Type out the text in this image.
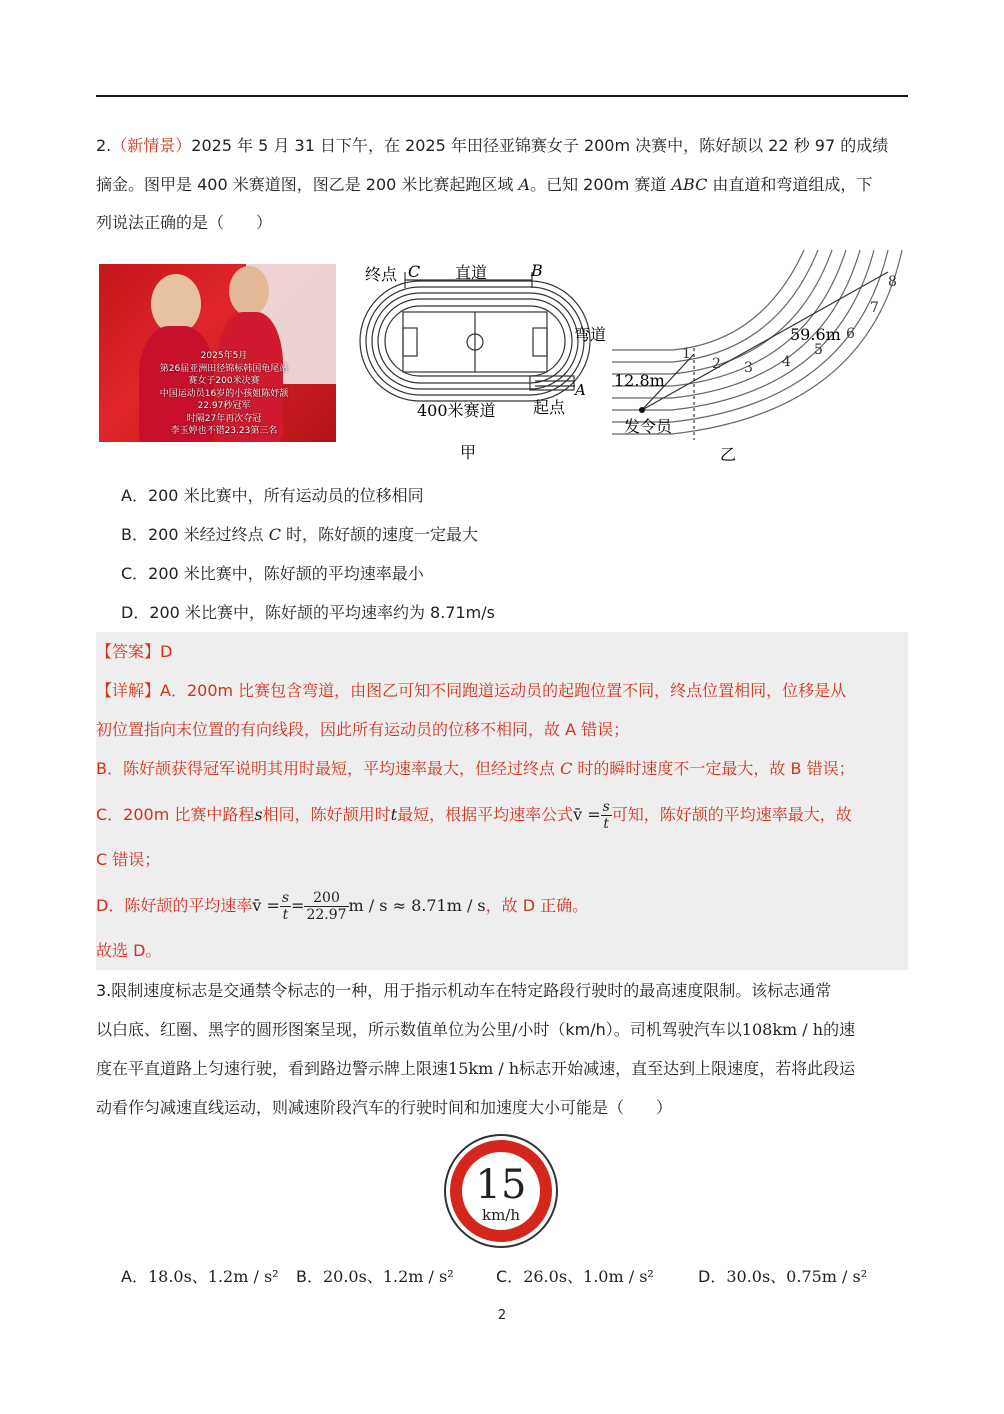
2.（新情景）2025 年 5 月 31 日下午，在 2025 年田径亚锦赛女子 200m 决赛中，陈好颉以 22 秒 97 的成绩
摘金。图甲是 400 米赛道图，图乙是 200 米比赛起跑区域 A。已知 200m 赛道 ABC 由直道和弯道组成，下
列说法正确的是（　　）
2025年5月
第26届亚洲田径锦标韩国龟尾站
赛女子200米决赛
中国运动员16岁的小孩姐陈妤颉
22.97秒冠军
时隔27年再次夺冠
李玉婷也不错23.23第三名
终点 C 直道	B
弯道
A
起点
400米赛道
甲
1
2 3 4
5
6
7
8
59.6m
12.8m
发令员
乙
A．200 米比赛中，所有运动员的位移相同
B．200 米经过终点 C 时，陈好颉的速度一定最大
C．200 米比赛中，陈好颉的平均速率最小
D．200 米比赛中，陈好颉的平均速率约为 8.71m/s
【答案】D
【详解】A．200m 比赛包含弯道，由图乙可知不同跑道运动员的起跑位置不同，终点位置相同，位移是从
初位置指向末位置的有向线段，因此所有运动员的位移不相同，故 A 错误；
B．陈好颉获得冠军说明其用时最短，平均速率最大，但经过终点 C 时的瞬时速度不一定最大，故 B 错误；
C．200m 比赛中路程s相同，陈好颉用时t最短，根据平均速率公式v̄ = $\frac{s}{t}$ 可知，陈好颉的平均速率最大，故
C 错误；
D．陈好颉的平均速率v̄ = $\frac{s}{t} = \frac{200}{22.97}$ m / s ≈ 8.71m / s，故 D 正确。
故选 D。
3.限制速度标志是交通禁令标志的一种，用于指示机动车在特定路段行驶时的最高速度限制。该标志通常
以白底、红圈、黑字的圆形图案呈现，所示数值单位为公里/小时（km/h）。司机驾驶汽车以108km / h的速
度在平直道路上匀速行驶，看到路边警示牌上限速15km / h标志开始减速，直至达到上限速度，若将此段运
动看作匀减速直线运动，则减速阶段汽车的行驶时间和加速度大小可能是（　　）
15
km/h
A．18.0s、1.2m / s² B．20.0s、1.2m / s²	C．26.0s、1.0m / s²	D．30.0s、0.75m / s²
2
